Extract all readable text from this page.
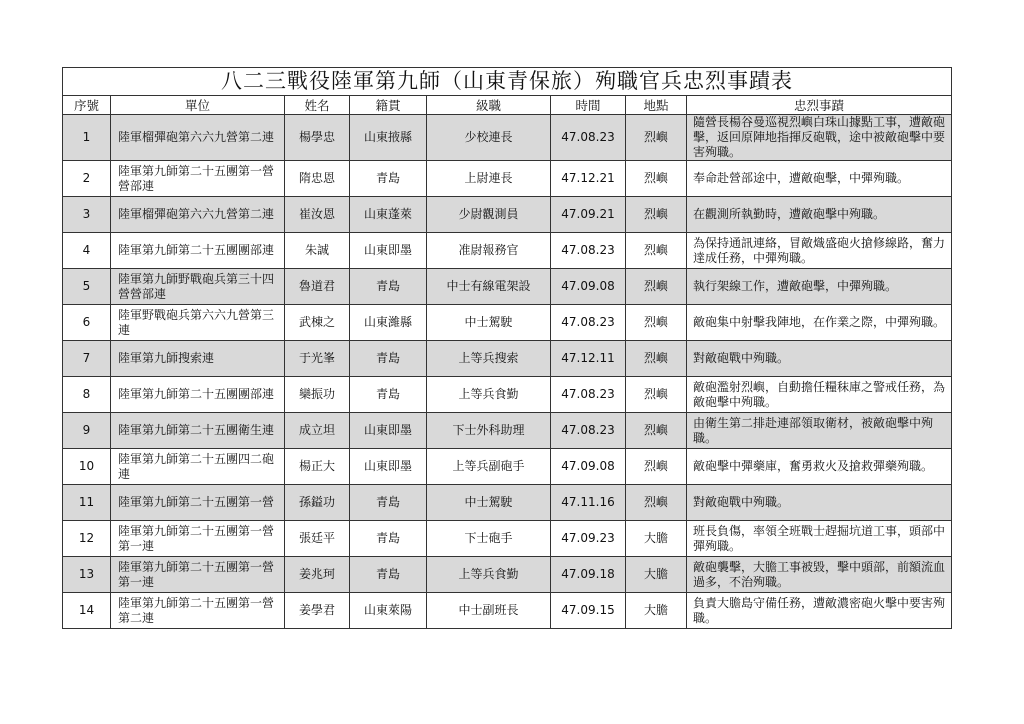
八二三戰役陸軍第九師（山東青保旅）殉職官兵忠烈事蹟表							
序號	單位	姓名	籍貫	級職	時間	地點	忠烈事蹟
1	陸軍榴彈砲第六六九營第二連	楊學忠	山東掖縣	少校連長	47.08.23	烈嶼	隨營長楊谷曼巡視烈嶼白珠山據點工事，遭敵砲擊，返回原陣地指揮反砲戰，途中被敵砲擊中要害殉職。
2	陸軍第九師第二十五團第一營營部連	隋忠恩	青島	上尉連長	47.12.21	烈嶼	奉命赴營部途中，遭敵砲擊，中彈殉職。
3	陸軍榴彈砲第六六九營第二連	崔汝恩	山東蓬萊	少尉觀測員	47.09.21	烈嶼	在觀測所執勤時，遭敵砲擊中殉職。
4	陸軍第九師第二十五團團部連	朱誠	山東即墨	准尉報務官	47.08.23	烈嶼	為保持通訊連絡，冒敵熾盛砲火搶修線路，奮力達成任務，中彈殉職。
5	陸軍第九師野戰砲兵第三十四營營部連	魯道君	青島	中士有線電架設	47.09.08	烈嶼	執行架線工作，遭敵砲擊，中彈殉職。
6	陸軍野戰砲兵第六六九營第三連	武棟之	山東濰縣	中士駕駛	47.08.23	烈嶼	敵砲集中射擊我陣地，在作業之際，中彈殉職。
7	陸軍第九師搜索連	于光峯	青島	上等兵搜索	47.12.11	烈嶼	對敵砲戰中殉職。
8	陸軍第九師第二十五團團部連	欒振功	青島	上等兵食勤	47.08.23	烈嶼	敵砲濫射烈嶼，自動擔任糧秣庫之警戒任務，為敵砲擊中殉職。
9	陸軍第九師第二十五團衛生連	成立坦	山東即墨	下士外科助理	47.08.23	烈嶼	由衛生第二排赴連部領取衛材，被敵砲擊中殉職。
10	陸軍第九師第二十五團四二砲連	楊正大	山東即墨	上等兵副砲手	47.09.08	烈嶼	敵砲擊中彈藥庫，奮勇救火及搶救彈藥殉職。
11	陸軍第九師第二十五團第一營	孫鎰功	青島	中士駕駛	47.11.16	烈嶼	對敵砲戰中殉職。
12	陸軍第九師第二十五團第一營第一連	張廷平	青島	下士砲手	47.09.23	大膽	班長負傷，率領全班戰士趕掘坑道工事，頭部中彈殉職。
13	陸軍第九師第二十五團第一營第一連	姜兆珂	青島	上等兵食勤	47.09.18	大膽	敵砲襲擊，大膽工事被毀，擊中頭部，前額流血過多，不治殉職。
14	陸軍第九師第二十五團第一營第二連	姜學君	山東萊陽	中士副班長	47.09.15	大膽	負責大膽島守備任務，遭敵濃密砲火擊中要害殉職。
